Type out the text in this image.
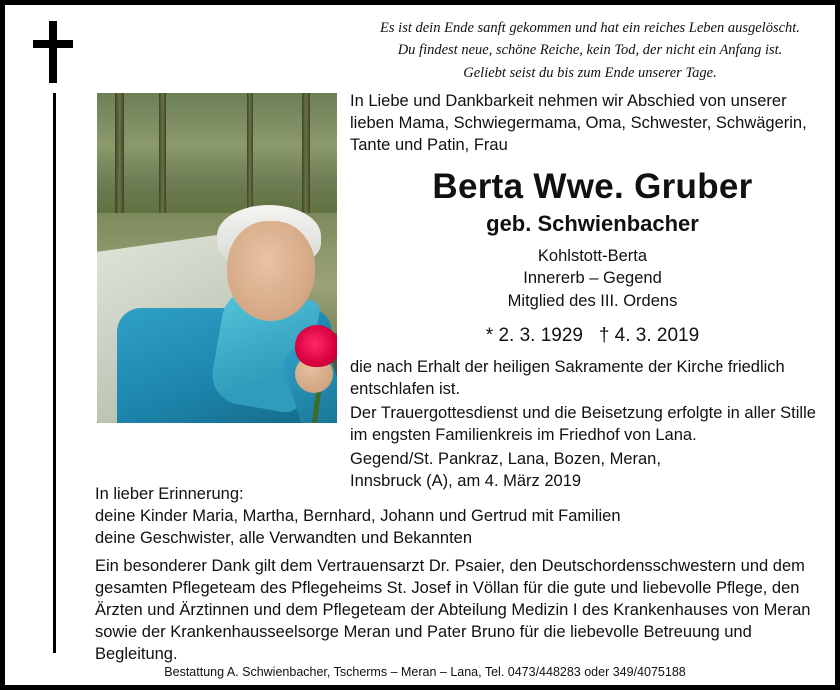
Es ist dein Ende sanft gekommen und hat ein reiches Leben ausgelöscht.
Du findest neue, schöne Reiche, kein Tod, der nicht ein Anfang ist.
Geliebt seist du bis zum Ende unserer Tage.
In Liebe und Dankbarkeit nehmen wir Abschied von unserer lieben Mama, Schwiegermama, Oma, Schwester, Schwägerin, Tante und Patin, Frau
Berta Wwe. Gruber
geb. Schwienbacher
Kohlstott-Berta
Innererb – Gegend
Mitglied des III. Ordens
* 2. 3. 1929   † 4. 3. 2019
die nach Erhalt der heiligen Sakramente der Kirche friedlich entschlafen ist.
Der Trauergottesdienst und die Beisetzung erfolgte in aller Stille im engsten Familienkreis im Friedhof von Lana.
Gegend/St. Pankraz, Lana, Bozen, Meran,
Innsbruck (A), am 4. März 2019
In lieber Erinnerung:
deine Kinder Maria, Martha, Bernhard, Johann und Gertrud mit Familien
deine Geschwister, alle Verwandten und Bekannten
Ein besonderer Dank gilt dem Vertrauensarzt Dr. Psaier, den Deutschordensschwestern und dem gesamten Pflegeteam des Pflegeheims St. Josef in Völlan für die gute und liebevolle Pflege, den Ärzten und Ärztinnen und dem Pflegeteam der Abteilung Medizin I des Krankenhauses von Meran sowie der Krankenhausseelsorge Meran und Pater Bruno für die liebevolle Betreuung und Begleitung.
Bestattung A. Schwienbacher, Tscherms – Meran – Lana, Tel. 0473/448283 oder 349/4075188
